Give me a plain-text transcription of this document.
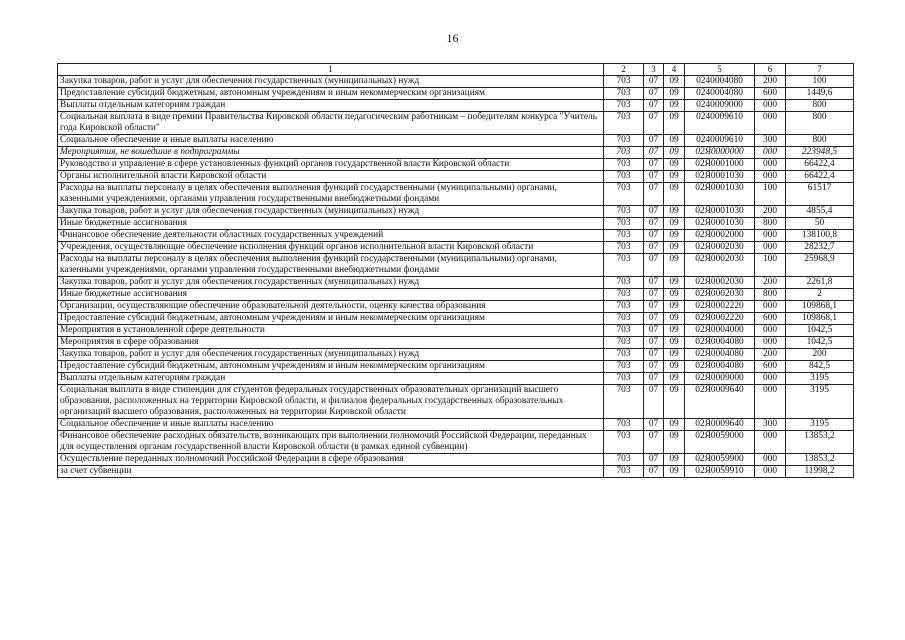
16
1	2	3	4	5	6	7
Закупка товаров, работ и услуг для обеспечения государственных (муниципальных) нужд	703	07	09	0240004080	200	100
Предоставление субсидий бюджетным, автономным учреждениям и иным некоммерческим организациям	703	07	09	0240004080	600	1449,6
Выплаты отдельным категориям граждан	703	07	09	0240009000	000	800
Социальная выплата в виде премии Правительства Кировской области педагогическим работникам – победителям конкурса "Учитель года Кировской области"	703	07	09	0240009610	000	800
Социальное обеспечение и иные выплаты населению	703	07	09	0240009610	300	800
Мероприятия, не вошедшие в подпрограммы	703	07	09	02Я0000000	000	223948,5
Руководство и управление в сфере установленных функций органов государственной власти Кировской области	703	07	09	02Я0001000	000	66422,4
Органы исполнительной власти Кировской области	703	07	09	02Я0001030	000	66422,4
Расходы на выплаты персоналу в целях обеспечения выполнения функций государственными (муниципальными) органами, казенными учреждениями, органами управления государственными внебюджетными фондами	703	07	09	02Я0001030	100	61517
Закупка товаров, работ и услуг для обеспечения государственных (муниципальных) нужд	703	07	09	02Я0001030	200	4855,4
Иные бюджетные ассигнования	703	07	09	02Я0001030	800	50
Финансовое обеспечение деятельности областных государственных учреждений	703	07	09	02Я0002000	000	138100,8
Учреждения, осуществляющие обеспечение исполнения функций органов исполнительной власти Кировской области	703	07	09	02Я0002030	000	28232,7
Расходы на выплаты персоналу в целях обеспечения выполнения функций государственными (муниципальными) органами, казенными учреждениями, органами управления государственными внебюджетными фондами	703	07	09	02Я0002030	100	25968,9
Закупка товаров, работ и услуг для обеспечения государственных (муниципальных) нужд	703	07	09	02Я0002030	200	2261,8
Иные бюджетные ассигнования	703	07	09	02Я0002030	800	2
Организации, осуществляющие обеспечение образовательной деятельности, оценку качества образования	703	07	09	02Я0002220	000	109868,1
Предоставление субсидий бюджетным, автономным учреждениям и иным некоммерческим организациям	703	07	09	02Я0002220	600	109868,1
Мероприятия в установленной сфере деятельности	703	07	09	02Я0004000	000	1042,5
Мероприятия в сфере образования	703	07	09	02Я0004080	000	1042,5
Закупка товаров, работ и услуг для обеспечения государственных (муниципальных) нужд	703	07	09	02Я0004080	200	200
Предоставление субсидий бюджетным, автономным учреждениям и иным некоммерческим организациям	703	07	09	02Я0004080	600	842,5
Выплаты отдельным категориям граждан	703	07	09	02Я0009000	000	3195
Социальная выплата в виде стипендии для студентов федеральных государственных образовательных организаций высшего образования, расположенных на территории Кировской области, и филиалов федеральных государственных образовательных организаций высшего образования, расположенных на территории Кировской области	703	07	09	02Я0009640	000	3195
Социальное обеспечение и иные выплаты населению	703	07	09	02Я0009640	300	3195
Финансовое обеспечение расходных обязательств, возникающих при выполнении полномочий Российской Федерации, переданных для осуществления органам государственной власти Кировской области (в рамках единой субвенции)	703	07	09	02Я0059000	000	13853,2
Осуществление переданных полномочий Российской Федерации в сфере образования	703	07	09	02Я0059900	000	13853,2
за счет субвенции	703	07	09	02Я0059910	000	11998,2
